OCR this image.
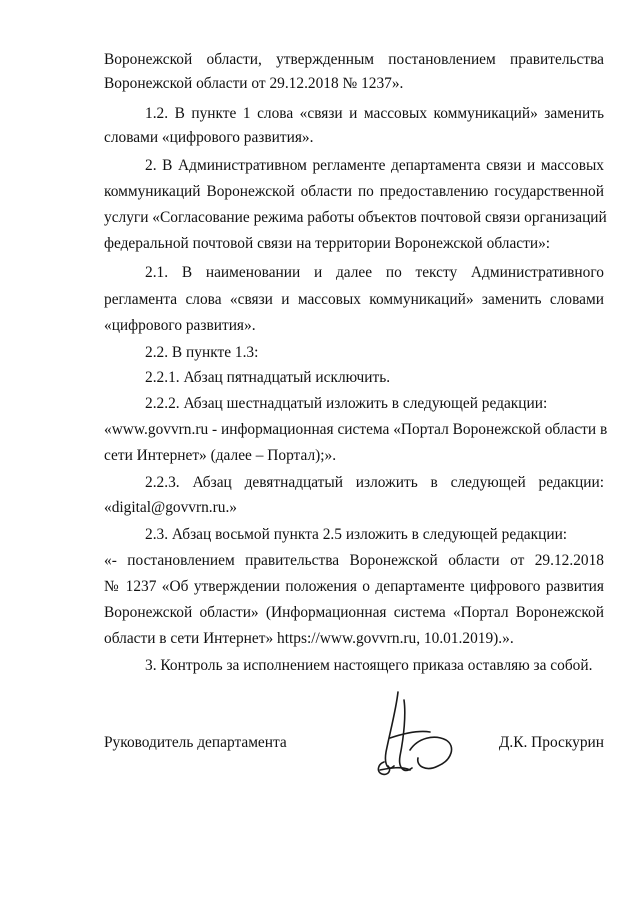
Воронежской области, утвержденным постановлением правительства
Воронежской области от 29.12.2018 № 1237».
1.2. В пункте 1 слова «связи и массовых коммуникаций» заменить
словами «цифрового развития».
2. В Административном регламенте департамента связи и массовых
коммуникаций Воронежской области по предоставлению государственной
услуги «Согласование режима работы объектов почтовой связи организаций
федеральной почтовой связи на территории Воронежской области»:
2.1. В наименовании и далее по тексту Административного
регламента слова «связи и массовых коммуникаций» заменить словами
«цифрового развития».
2.2. В пункте 1.3:
2.2.1. Абзац пятнадцатый исключить.
2.2.2. Абзац шестнадцатый изложить в следующей редакции:
«www.govvrn.ru - информационная система «Портал Воронежской области в
сети Интернет» (далее – Портал);».
2.2.3. Абзац девятнадцатый изложить в следующей редакции:
«digital@govvrn.ru.»
2.3. Абзац восьмой пункта 2.5 изложить в следующей редакции:
«- постановлением правительства Воронежской области от 29.12.2018
№ 1237 «Об утверждении положения о департаменте цифрового развития
Воронежской области» (Информационная система «Портал Воронежской
области в сети Интернет» https://www.govvrn.ru, 10.01.2019).».
3. Контроль за исполнением настоящего приказа оставляю за собой.
Руководитель департамента	Д.К. Проскурин
